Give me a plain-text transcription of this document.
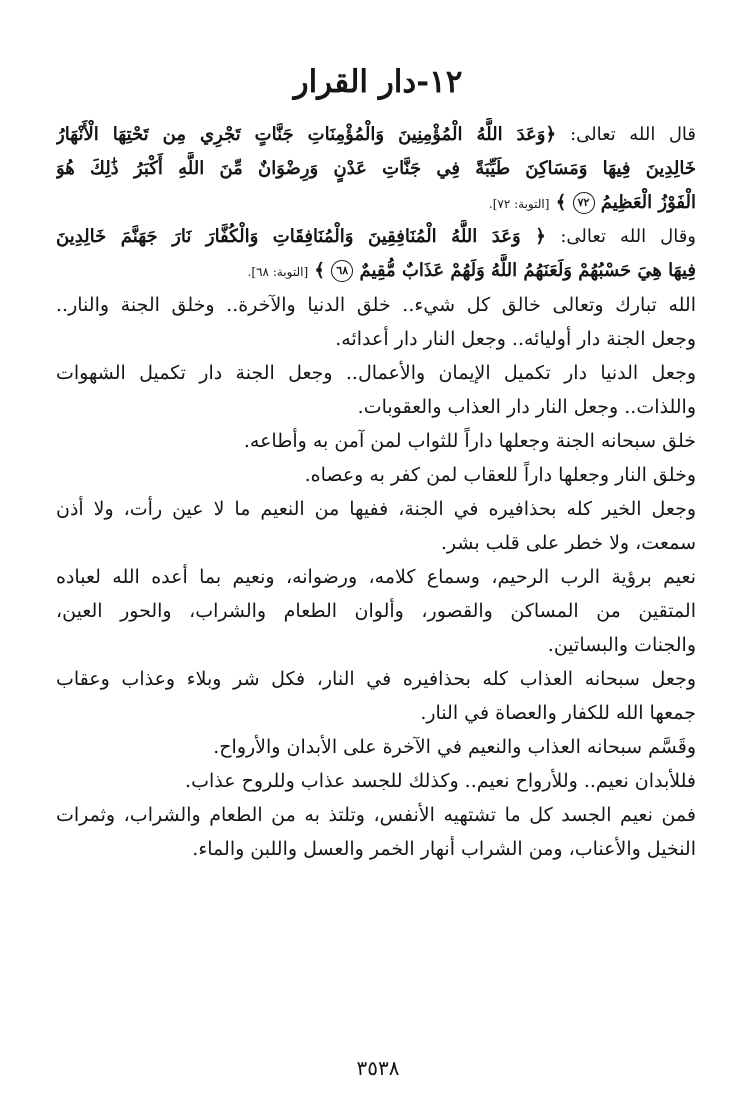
١٢-دار القرار
قال الله تعالى: ﴿وَعَدَ اللَّهُ الْمُؤْمِنِينَ وَالْمُؤْمِنَاتِ جَنَّاتٍ تَجْرِي مِن تَحْتِهَا الْأَنْهَارُ
خَالِدِينَ فِيهَا وَمَسَاكِنَ طَيِّبَةً فِي جَنَّاتِ عَدْنٍ وَرِضْوَانٌ مِّنَ اللَّهِ أَكْبَرُ ذَٰلِكَ هُوَ
الْفَوْزُ الْعَظِيمُ ٧٢ ﴾ [التوبة: ٧٢].
وقال الله تعالى: ﴿ وَعَدَ اللَّهُ الْمُنَافِقِينَ وَالْمُنَافِقَاتِ وَالْكُفَّارَ نَارَ جَهَنَّمَ خَالِدِينَ
فِيهَا هِيَ حَسْبُهُمْ وَلَعَنَهُمُ اللَّهُ وَلَهُمْ عَذَابٌ مُّقِيمٌ ٦٨ ﴾ [التوبة: ٦٨].
الله تبارك وتعالى خالق كل شيء.. خلق الدنيا والآخرة.. وخلق الجنة والنار..
وجعل الجنة دار أوليائه.. وجعل النار دار أعدائه.
وجعل الدنيا دار تكميل الإيمان والأعمال.. وجعل الجنة دار تكميل الشهوات
واللذات.. وجعل النار دار العذاب والعقوبات.
خلق سبحانه الجنة وجعلها داراً للثواب لمن آمن به وأطاعه.
وخلق النار وجعلها داراً للعقاب لمن كفر به وعصاه.
وجعل الخير كله بحذافيره في الجنة، ففيها من النعيم ما لا عين رأت، ولا أذن
سمعت، ولا خطر على قلب بشر.
نعيم برؤية الرب الرحيم، وسماع كلامه، ورضوانه، ونعيم بما أعده الله لعباده
المتقين من المساكن والقصور، وألوان الطعام والشراب، والحور العين،
والجنات والبساتين.
وجعل سبحانه العذاب كله بحذافيره في النار، فكل شر وبلاء وعذاب وعقاب
جمعها الله للكفار والعصاة في النار.
وقَسَّم سبحانه العذاب والنعيم في الآخرة على الأبدان والأرواح.
فللأبدان نعيم.. وللأرواح نعيم.. وكذلك للجسد عذاب وللروح عذاب.
فمن نعيم الجسد كل ما تشتهيه الأنفس، وتلتذ به من الطعام والشراب، وثمرات
النخيل والأعناب، ومن الشراب أنهار الخمر والعسل واللبن والماء.
٣٥٣٨
